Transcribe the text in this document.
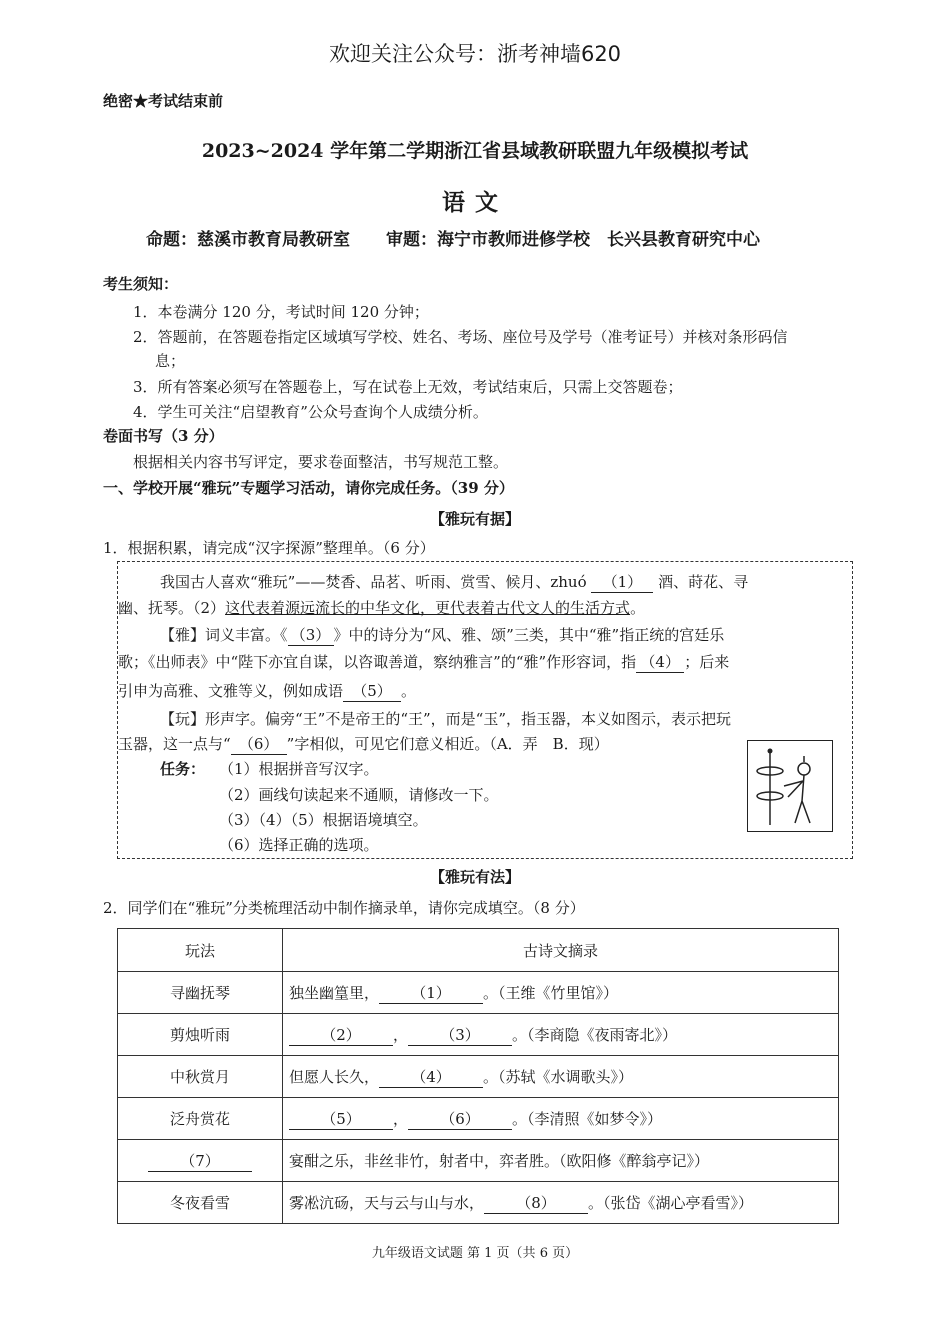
欢迎关注公众号：浙考神墙620
绝密★考试结束前
2023~2024 学年第二学期浙江省县域教研联盟九年级模拟考试
语文
命题：慈溪市教育局教研室 审题：海宁市教师进修学校　长兴县教育研究中心
考生须知：
1．本卷满分 120 分，考试时间 120 分钟；
2．答题前，在答题卷指定区域填写学校、姓名、考场、座位号及学号（准考证号）并核对条形码信
息；
3．所有答案必须写在答题卷上，写在试卷上无效，考试结束后，只需上交答题卷；
4．学生可关注“启望教育”公众号查询个人成绩分析。
卷面书写（3 分）
根据相关内容书写评定，要求卷面整洁，书写规范工整。
一、学校开展“雅玩”专题学习活动，请你完成任务。（39 分）
【雅玩有据】
1．根据积累，请完成“汉字探源”整理单。（6 分）
我国古人喜欢“雅玩”——焚香、品茗、听雨、赏雪、候月、zhuó （1） 酒、莳花、寻
幽、抚琴。（2）这代表着源远流长的中华文化，更代表着古代文人的生活方式。
【雅】词义丰富。《 （3） 》中的诗分为“风、雅、颂”三类，其中“雅”指正统的宫廷乐
歌；《出师表》中“陛下亦宜自谋，以咨诹善道，察纳雅言”的“雅”作形容词，指 （4） ；后来
引申为高雅、文雅等义，例如成语 （5） 。
【玩】形声字。偏旁“王”不是帝王的“王”，而是“玉”，指玉器，本义如图示，表示把玩
玉器，这一点与“ （6） ”字相似，可见它们意义相近。（A．弄　B．现）
任务： （1）根据拼音写汉字。
（2）画线句读起来不通顺，请修改一下。
（3）（4）（5）根据语境填空。
（6）选择正确的选项。
【雅玩有法】
2．同学们在“雅玩”分类梳理活动中制作摘录单，请你完成填空。（8 分）
玩法	古诗文摘录
寻幽抚琴	独坐幽篁里， （1） 。（王维《竹里馆》）
剪烛听雨	（2） ， （3） 。（李商隐《夜雨寄北》）
中秋赏月	但愿人长久， （4） 。（苏轼《水调歌头》）
泛舟赏花	（5） ， （6） 。（李清照《如梦令》）
（7）	宴酣之乐，非丝非竹，射者中，弈者胜。（欧阳修《醉翁亭记》）
冬夜看雪	雾凇沆砀，天与云与山与水， （8） 。（张岱《湖心亭看雪》）
九年级语文试题 第 1 页（共 6 页）
